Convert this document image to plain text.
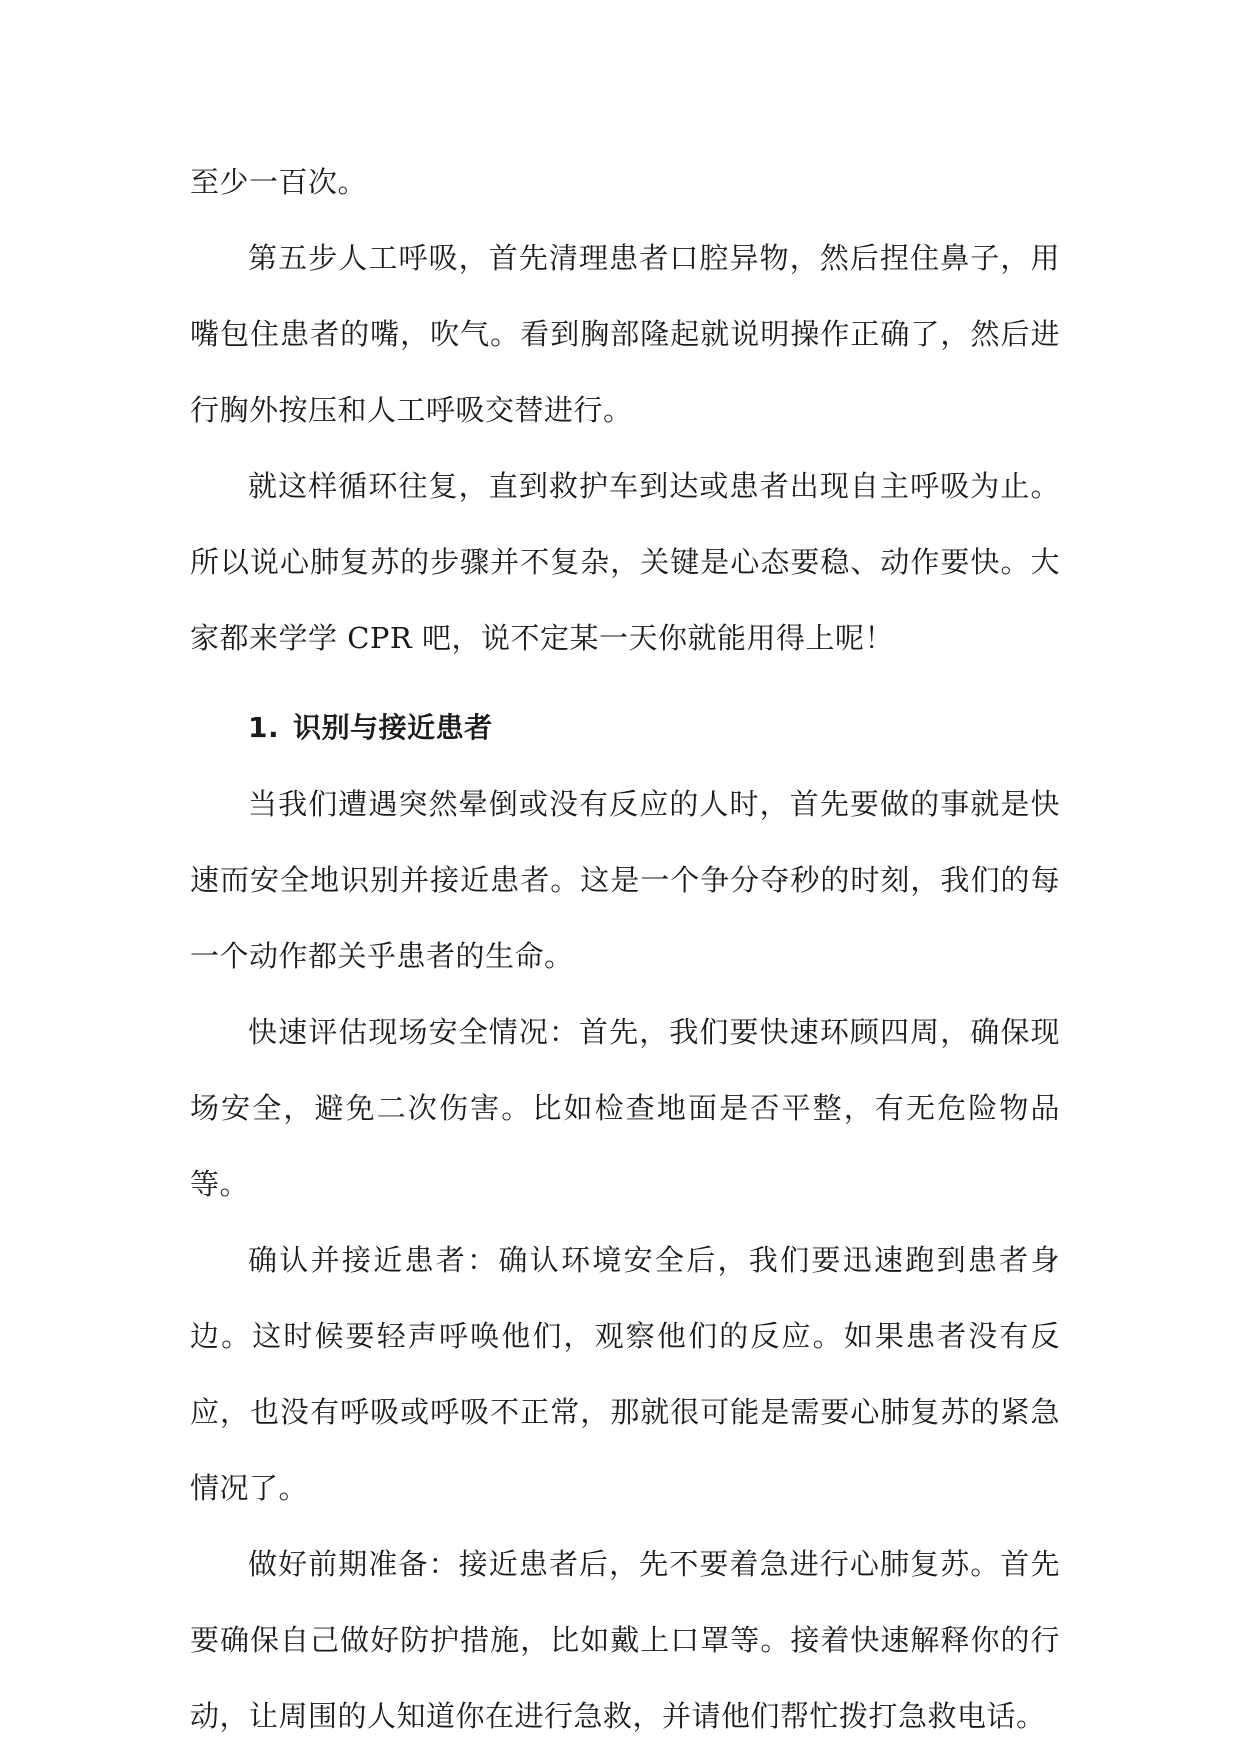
至少一百次。

第五步人工呼吸，首先清理患者口腔异物，然后捏住鼻子，用嘴包住患者的嘴，吹气。看到胸部隆起就说明操作正确了，然后进行胸外按压和人工呼吸交替进行。

就这样循环往复，直到救护车到达或患者出现自主呼吸为止。所以说心肺复苏的步骤并不复杂，关键是心态要稳、动作要快。大家都来学学 CPR 吧，说不定某一天你就能用得上呢！

1. 识别与接近患者

当我们遭遇突然晕倒或没有反应的人时，首先要做的事就是快速而安全地识别并接近患者。这是一个争分夺秒的时刻，我们的每一个动作都关乎患者的生命。

快速评估现场安全情况：首先，我们要快速环顾四周，确保现场安全，避免二次伤害。比如检查地面是否平整，有无危险物品等。

确认并接近患者：确认环境安全后，我们要迅速跑到患者身边。这时候要轻声呼唤他们，观察他们的反应。如果患者没有反应，也没有呼吸或呼吸不正常，那就很可能是需要心肺复苏的紧急情况了。

做好前期准备：接近患者后，先不要着急进行心肺复苏。首先要确保自己做好防护措施，比如戴上口罩等。接着快速解释你的行动，让周围的人知道你在进行急救，并请他们帮忙拨打急救电话。
